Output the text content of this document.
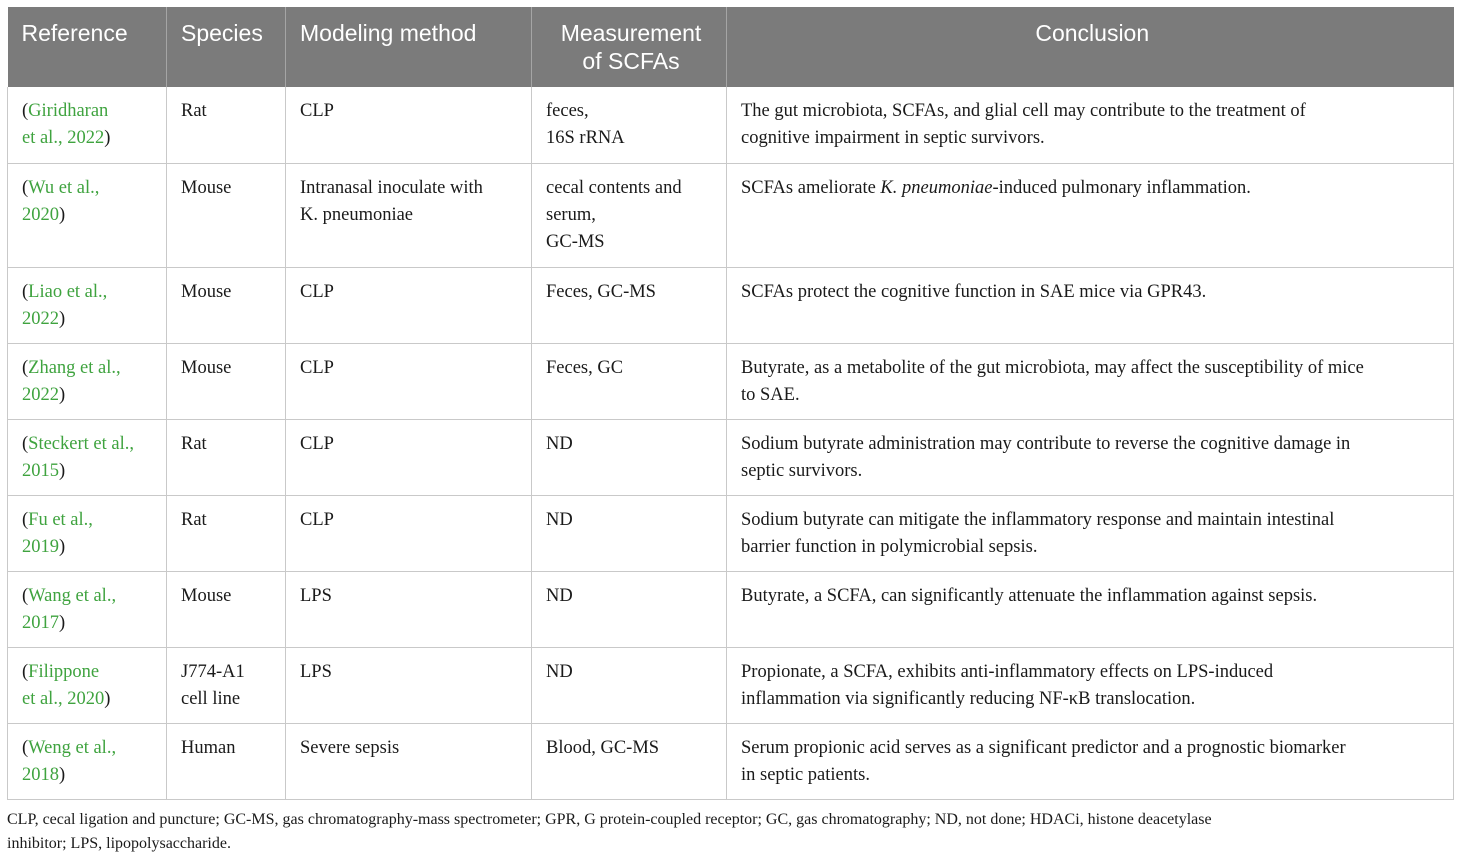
Reference	Species	Modeling method	Measurement
of SCFAs	Conclusion

(Giridharan
et al., 2022)	Rat	CLP	feces,
16S rRNA	The gut microbiota, SCFAs, and glial cell may contribute to the treatment of
cognitive impairment in septic survivors.

(Wu et al.,
2020)	Mouse	Intranasal inoculate with
K. pneumoniae	cecal contents and
serum,
GC-MS	SCFAs ameliorate K. pneumoniae-induced pulmonary inflammation.

(Liao et al.,
2022)	Mouse	CLP	Feces, GC-MS	SCFAs protect the cognitive function in SAE mice via GPR43.

(Zhang et al.,
2022)	Mouse	CLP	Feces, GC	Butyrate, as a metabolite of the gut microbiota, may affect the susceptibility of mice
to SAE.

(Steckert et al.,
2015)	Rat	CLP	ND	Sodium butyrate administration may contribute to reverse the cognitive damage in
septic survivors.

(Fu et al.,
2019)	Rat	CLP	ND	Sodium butyrate can mitigate the inflammatory response and maintain intestinal
barrier function in polymicrobial sepsis.

(Wang et al.,
2017)	Mouse	LPS	ND	Butyrate, a SCFA, can significantly attenuate the inflammation against sepsis.

(Filippone
et al., 2020)	J774-A1
cell line	LPS	ND	Propionate, a SCFA, exhibits anti-inflammatory effects on LPS-induced
inflammation via significantly reducing NF-κB translocation.

(Weng et al.,
2018)	Human	Severe sepsis	Blood, GC-MS	Serum propionic acid serves as a significant predictor and a prognostic biomarker
in septic patients.
CLP, cecal ligation and puncture; GC-MS, gas chromatography-mass spectrometer; GPR, G protein-coupled receptor; GC, gas chromatography; ND, not done; HDACi, histone deacetylase
inhibitor; LPS, lipopolysaccharide.
